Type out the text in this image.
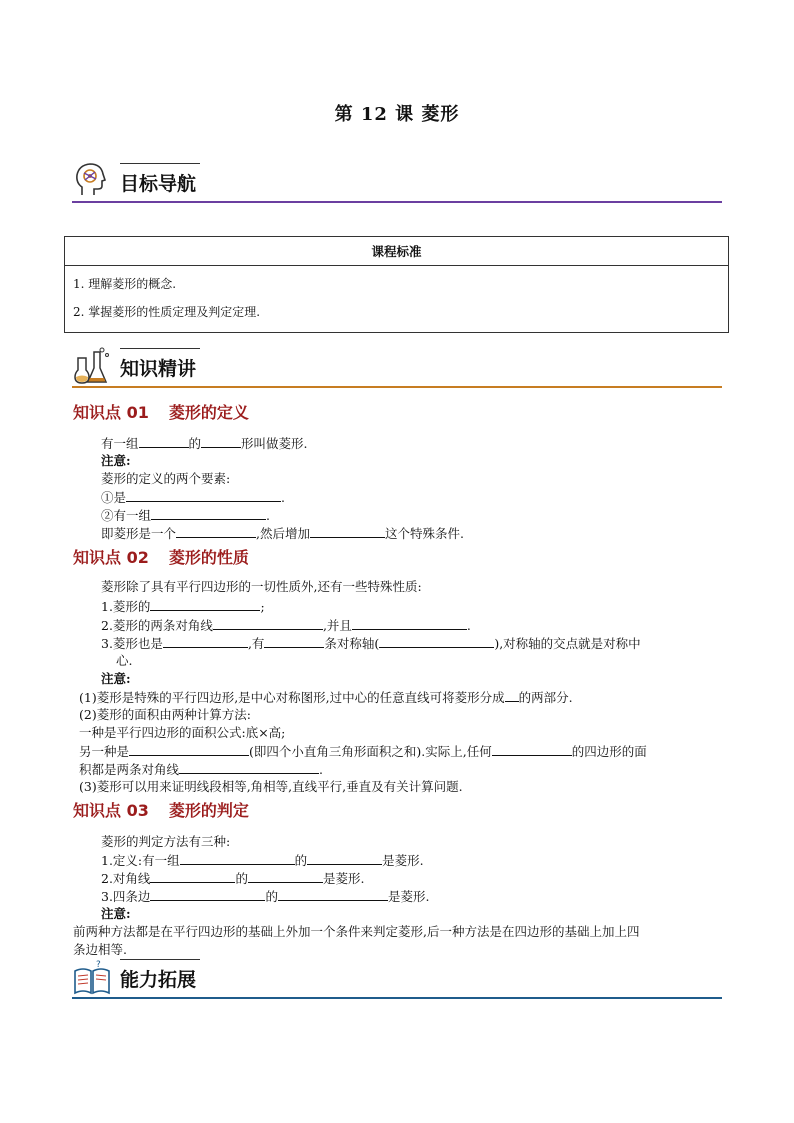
第 12 课 菱形
目标导航
课程标准

1. 理解菱形的概念.
2. 掌握菱形的性质定理及判定定理.
知识精讲
知识点 01 菱形的定义
有一组	的	形叫做菱形.
注意:
菱形的定义的两个要素:
①是	.
②有一组	.
即菱形是一个	,然后增加	这个特殊条件.
知识点 02 菱形的性质
菱形除了具有平行四边形的一切性质外,还有一些特殊性质:
1.菱形的	;
2.菱形的两条对角线	,并且	.
3.菱形也是	,有	条对称轴(	),对称轴的交点就是对称中
心.
注意:
(1)菱形是特殊的平行四边形,是中心对称图形,过中心的任意直线可将菱形分成 的两部分.
(2)菱形的面积由两种计算方法:
一种是平行四边形的面积公式:底×高;
另一种是	(即四个小直角三角形面积之和).实际上,任何	的四边形的面
积都是两条对角线	.
(3)菱形可以用来证明线段相等,角相等,直线平行,垂直及有关计算问题.
知识点 03 菱形的判定
菱形的判定方法有三种:
1.定义:有一组	的	是菱形.
2.对角线	的	是菱形.
3.四条边	的	是菱形.
注意:
前两种方法都是在平行四边形的基础上外加一个条件来判定菱形,后一种方法是在四边形的基础上加上四
条边相等.
?
能力拓展
